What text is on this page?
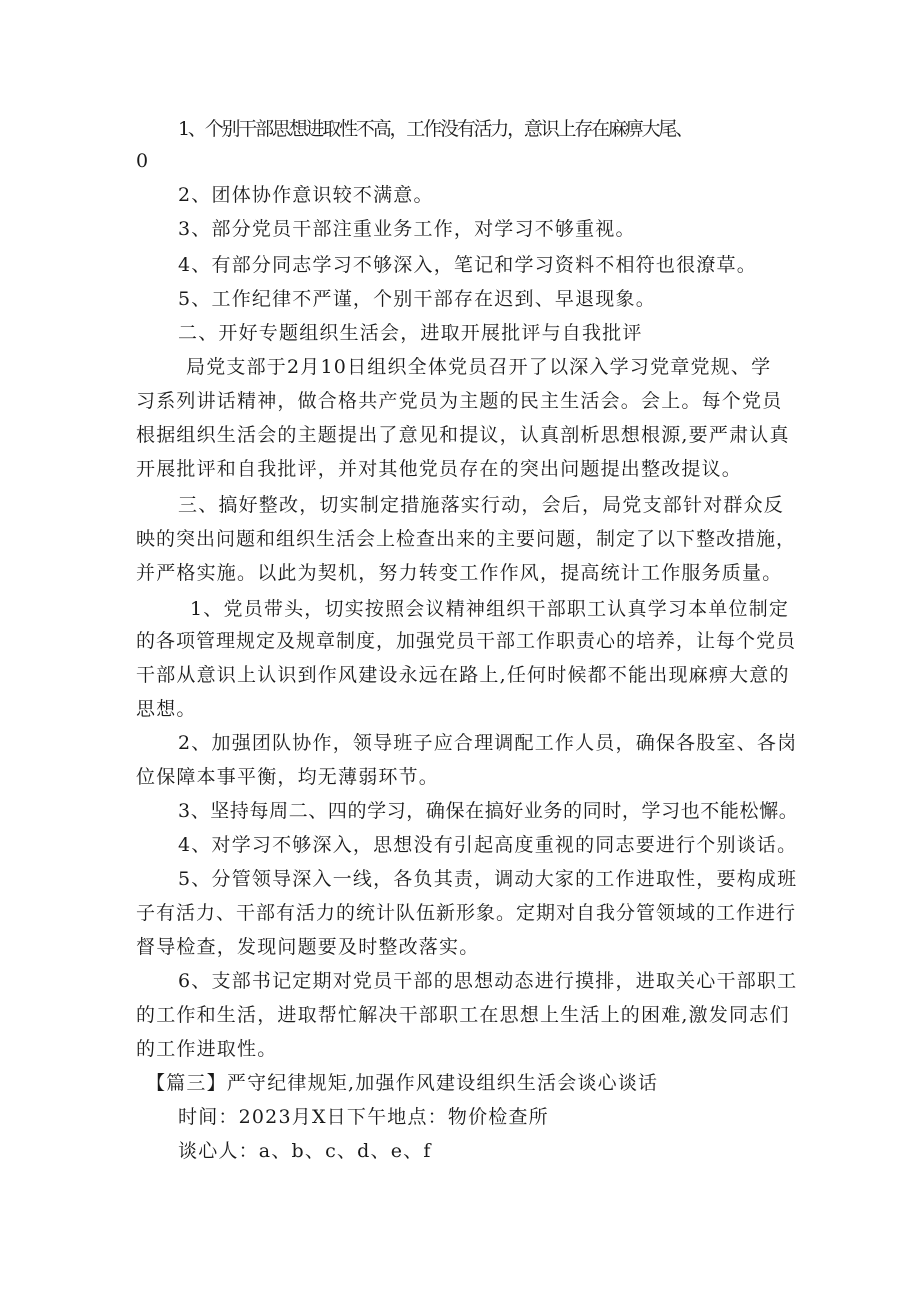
1、个别干部思想进取性不高，工作没有活力，意识上存在麻痹大尾、
0
2、团体协作意识较不满意。
3、部分党员干部注重业务工作，对学习不够重视。
4、有部分同志学习不够深入，笔记和学习资料不相符也很潦草。
5、工作纪律不严谨，个别干部存在迟到、早退现象。
二、开好专题组织生活会，进取开展批评与自我批评
局党支部于2月10日组织全体党员召开了以深入学习党章党规、学
习系列讲话精神，做合格共产党员为主题的民主生活会。会上。每个党员
根据组织生活会的主题提出了意见和提议，认真剖析思想根源,要严肃认真
开展批评和自我批评，并对其他党员存在的突出问题提出整改提议。
三、搞好整改，切实制定措施落实行动，会后，局党支部针对群众反
映的突出问题和组织生活会上检查出来的主要问题，制定了以下整改措施，
并严格实施。以此为契机，努力转变工作作风，提高统计工作服务质量。
1、党员带头，切实按照会议精神组织干部职工认真学习本单位制定
的各项管理规定及规章制度，加强党员干部工作职责心的培养，让每个党员
干部从意识上认识到作风建设永远在路上,任何时候都不能出现麻痹大意的
思想。
2、加强团队协作，领导班子应合理调配工作人员，确保各股室、各岗
位保障本事平衡，均无薄弱环节。
3、坚持每周二、四的学习，确保在搞好业务的同时，学习也不能松懈。
4、对学习不够深入，思想没有引起高度重视的同志要进行个别谈话。
5、分管领导深入一线，各负其责，调动大家的工作进取性，要构成班
子有活力、干部有活力的统计队伍新形象。定期对自我分管领域的工作进行
督导检查，发现问题要及时整改落实。
6、支部书记定期对党员干部的思想动态进行摸排，进取关心干部职工
的工作和生活，进取帮忙解决干部职工在思想上生活上的困难,激发同志们
的工作进取性。
【篇三】严守纪律规矩,加强作风建设组织生活会谈心谈话
时间：2023月X日下午地点：物价检查所
谈心人：a、b、c、d、e、f
